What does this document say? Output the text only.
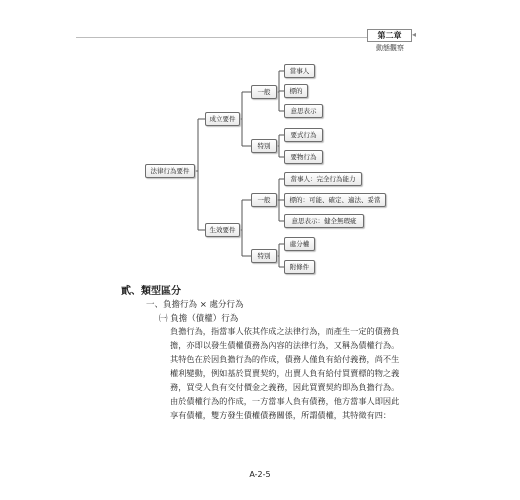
第二章	◂
動態觀察
法律行為要件
成立要件
一般
當事人
標的
意思表示
特別
要式行為
要物行為
生效要件
一般
當事人：完全行為能力
標的：可能、確定、適法、妥當
意思表示：健全無瑕疵
特別
處分權
附條件
貳、類型區分
一、負擔行為 × 處分行為
㈠ 負擔（債權）行為
負擔行為，指當事人依其作成之法律行為，而產生一定的債務負
擔，亦即以發生債權債務為內容的法律行為，又稱為債權行為。
其特色在於因負擔行為的作成，債務人僅負有給付義務，尚不生
權利變動，例如基於買賣契約，出賣人負有給付買賣標的物之義
務，買受人負有交付價金之義務，因此買賣契約即為負擔行為。
由於債權行為的作成，一方當事人負有債務，他方當事人即因此
享有債權，雙方發生債權債務關係，所謂債權，其特徵有四：
A-2-5
